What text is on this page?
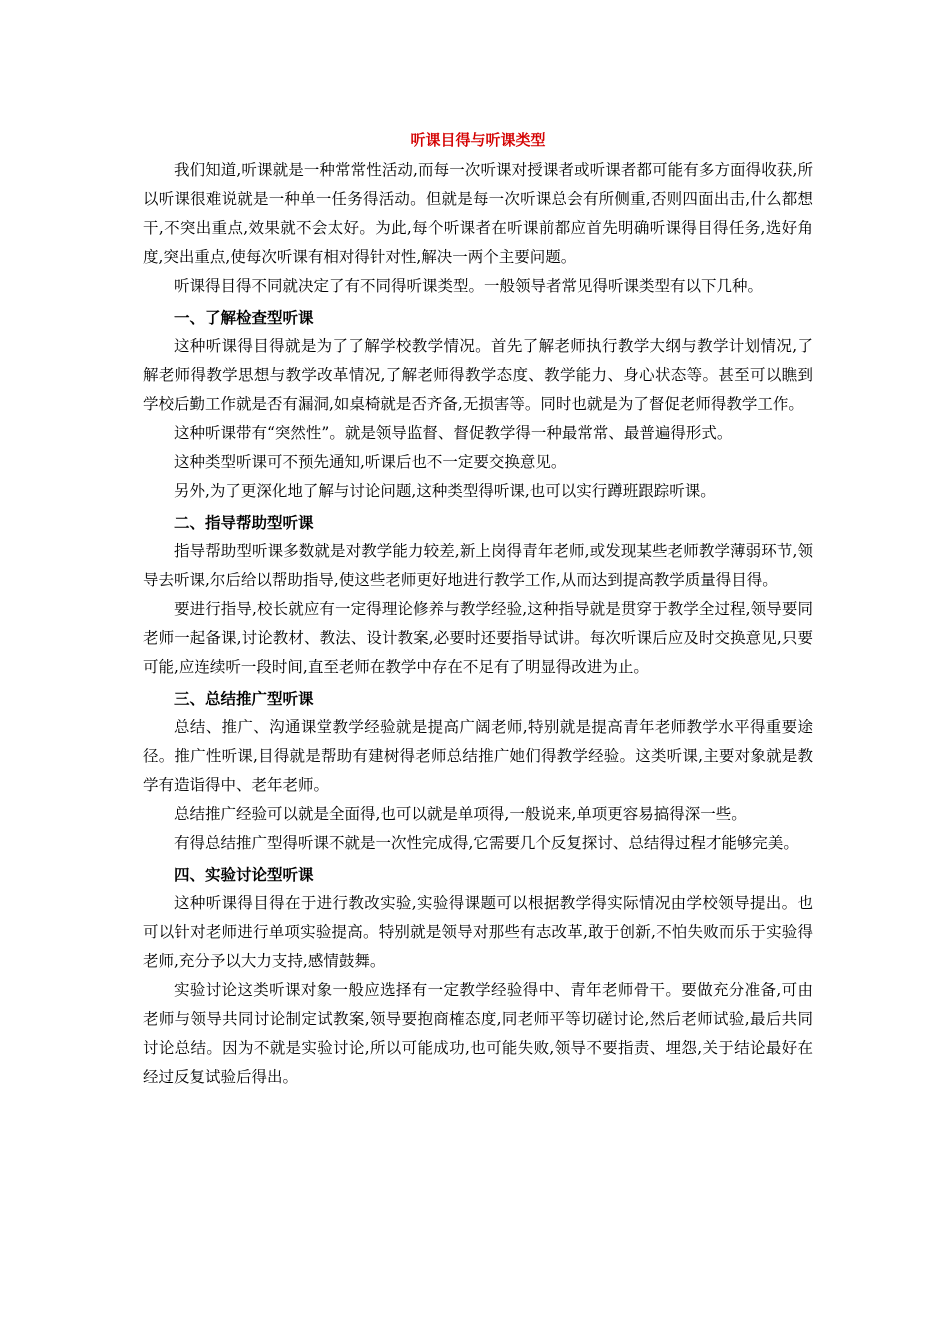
听课目得与听课类型

我们知道,听课就是一种常常性活动,而每一次听课对授课者或听课者都可能有多方面得收获,所以听课很难说就是一种单一任务得活动。但就是每一次听课总会有所侧重,否则四面出击,什么都想干,不突出重点,效果就不会太好。为此,每个听课者在听课前都应首先明确听课得目得任务,选好角度,突出重点,使每次听课有相对得针对性,解决一两个主要问题。

听课得目得不同就决定了有不同得听课类型。一般领导者常见得听课类型有以下几种。

一、了解检查型听课

这种听课得目得就是为了了解学校教学情况。首先了解老师执行教学大纲与教学计划情况,了解老师得教学思想与教学改革情况,了解老师得教学态度、教学能力、身心状态等。甚至可以瞧到学校后勤工作就是否有漏洞,如桌椅就是否齐备,无损害等。同时也就是为了督促老师得教学工作。

这种听课带有“突然性”。就是领导监督、督促教学得一种最常常、最普遍得形式。

这种类型听课可不预先通知,听课后也不一定要交换意见。

另外,为了更深化地了解与讨论问题,这种类型得听课,也可以实行蹲班跟踪听课。

二、指导帮助型听课

指导帮助型听课多数就是对教学能力较差,新上岗得青年老师,或发现某些老师教学薄弱环节,领导去听课,尔后给以帮助指导,使这些老师更好地进行教学工作,从而达到提高教学质量得目得。

要进行指导,校长就应有一定得理论修养与教学经验,这种指导就是贯穿于教学全过程,领导要同老师一起备课,讨论教材、教法、设计教案,必要时还要指导试讲。每次听课后应及时交换意见,只要可能,应连续听一段时间,直至老师在教学中存在不足有了明显得改进为止。

三、总结推广型听课

总结、推广、沟通课堂教学经验就是提高广阔老师,特别就是提高青年老师教学水平得重要途径。推广性听课,目得就是帮助有建树得老师总结推广她们得教学经验。这类听课,主要对象就是教学有造诣得中、老年老师。

总结推广经验可以就是全面得,也可以就是单项得,一般说来,单项更容易搞得深一些。

有得总结推广型得听课不就是一次性完成得,它需要几个反复探讨、总结得过程才能够完美。

四、实验讨论型听课

这种听课得目得在于进行教改实验,实验得课题可以根据教学得实际情况由学校领导提出。也可以针对老师进行单项实验提高。特别就是领导对那些有志改革,敢于创新,不怕失败而乐于实验得老师,充分予以大力支持,感情鼓舞。

实验讨论这类听课对象一般应选择有一定教学经验得中、青年老师骨干。要做充分准备,可由老师与领导共同讨论制定试教案,领导要抱商榷态度,同老师平等切磋讨论,然后老师试验,最后共同讨论总结。因为不就是实验讨论,所以可能成功,也可能失败,领导不要指责、埋怨,关于结论最好在经过反复试验后得出。
